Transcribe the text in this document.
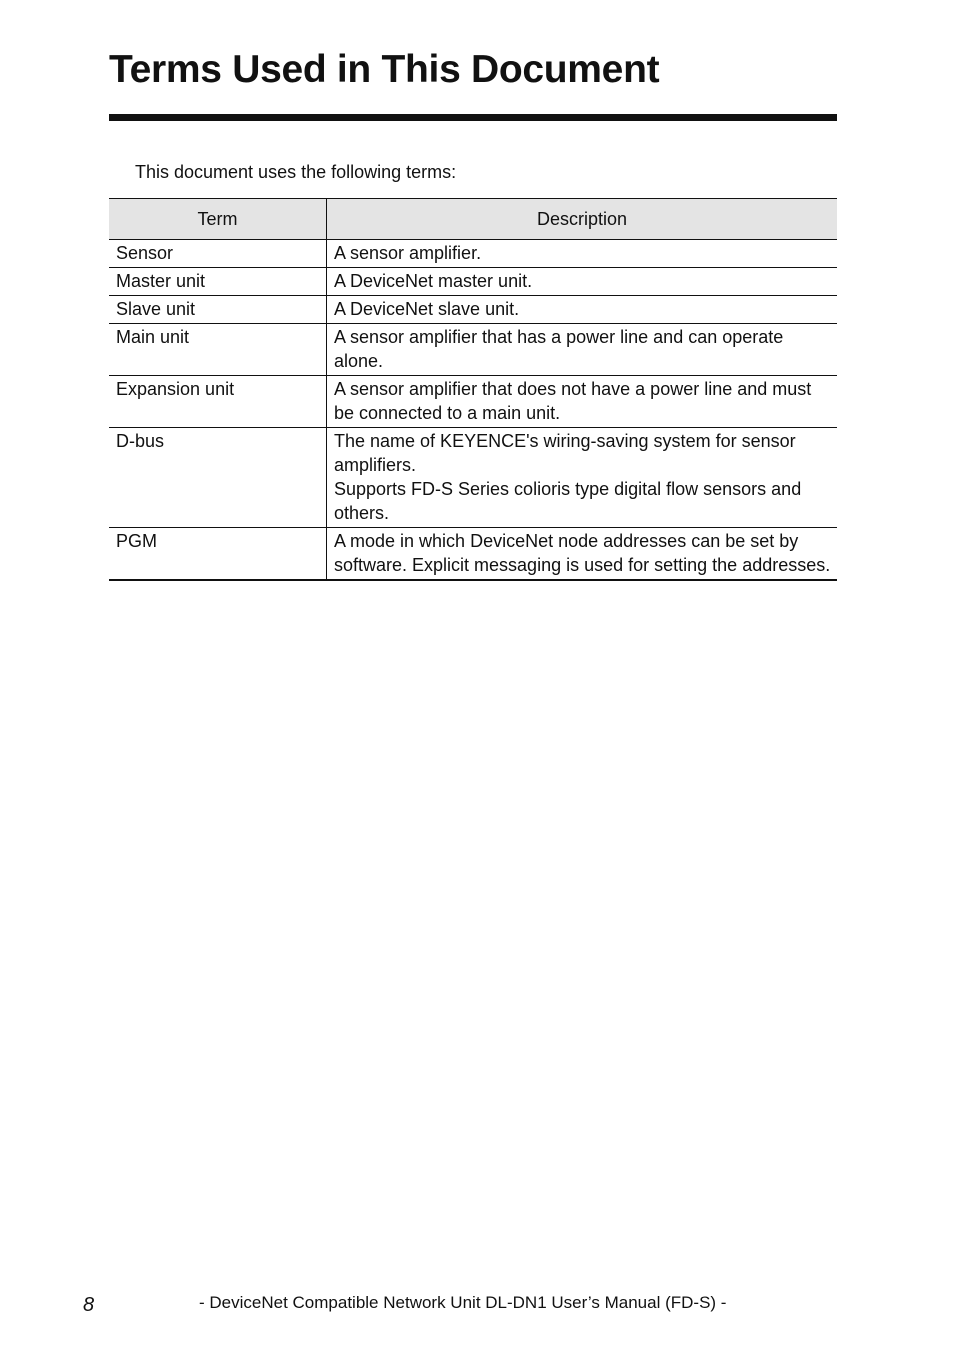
Terms Used in This Document

This document uses the following terms:

Term	Description
Sensor	A sensor amplifier.

Master unit	A DeviceNet master unit.

Slave unit	A DeviceNet slave unit.

Main unit	A sensor amplifier that has a power line and can operate alone.

Expansion unit	A sensor amplifier that does not have a power line and must be connected to a main unit.

D-bus	The name of KEYENCE's wiring-saving system for sensor amplifiers.
Supports FD-S Series colioris type digital flow sensors and others.

PGM	A mode in which DeviceNet node addresses can be set by software. Explicit messaging is used for setting the addresses.
8	- DeviceNet Compatible Network Unit DL-DN1 User’s Manual (FD-S) -
